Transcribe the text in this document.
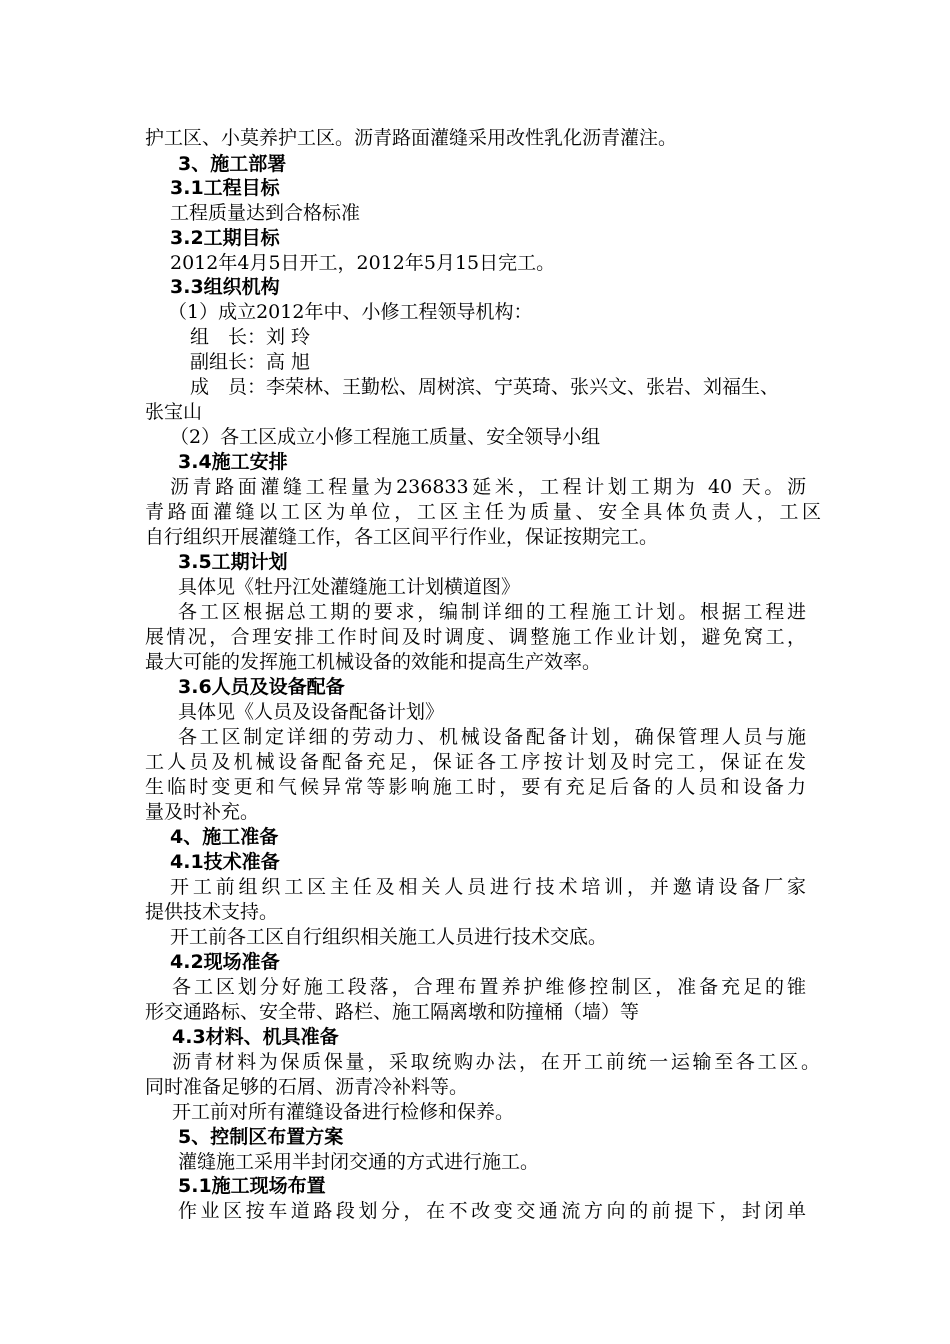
护工区、小莫养护工区。沥青路面灌缝采用改性乳化沥青灌注。
3、施工部署
3.1工程目标
工程质量达到合格标准
3.2工期目标
2012年4月5日开工，2012年5月15日完工。
3.3组织机构
（1）成立2012年中、小修工程领导机构：
组　长：刘 玲
副组长：高 旭
成　员：李荣林、王勤松、周树滨、宁英琦、张兴文、张岩、刘福生、
张宝山
（2）各工区成立小修工程施工质量、安全领导小组
3.4施工安排
沥青路面灌缝工程量为236833延米，工程计划工期为 40 天。沥
青路面灌缝以工区为单位，工区主任为质量、安全具体负责人，工区
自行组织开展灌缝工作，各工区间平行作业，保证按期完工。
3.5工期计划
具体见《牡丹江处灌缝施工计划横道图》
各工区根据总工期的要求，编制详细的工程施工计划。根据工程进
展情况，合理安排工作时间及时调度、调整施工作业计划，避免窝工，
最大可能的发挥施工机械设备的效能和提高生产效率。
3.6人员及设备配备
具体见《人员及设备配备计划》
各工区制定详细的劳动力、机械设备配备计划，确保管理人员与施
工人员及机械设备配备充足，保证各工序按计划及时完工，保证在发
生临时变更和气候异常等影响施工时，要有充足后备的人员和设备力
量及时补充。
4、施工准备
4.1技术准备
开工前组织工区主任及相关人员进行技术培训，并邀请设备厂家
提供技术支持。
开工前各工区自行组织相关施工人员进行技术交底。
4.2现场准备
各工区划分好施工段落，合理布置养护维修控制区，准备充足的锥
形交通路标、安全带、路栏、施工隔离墩和防撞桶（墙）等
4.3材料、机具准备
沥青材料为保质保量，采取统购办法，在开工前统一运输至各工区。
同时准备足够的石屑、沥青冷补料等。
开工前对所有灌缝设备进行检修和保养。
5、控制区布置方案
灌缝施工采用半封闭交通的方式进行施工。
5.1施工现场布置
作业区按车道路段划分，在不改变交通流方向的前提下，封闭单
